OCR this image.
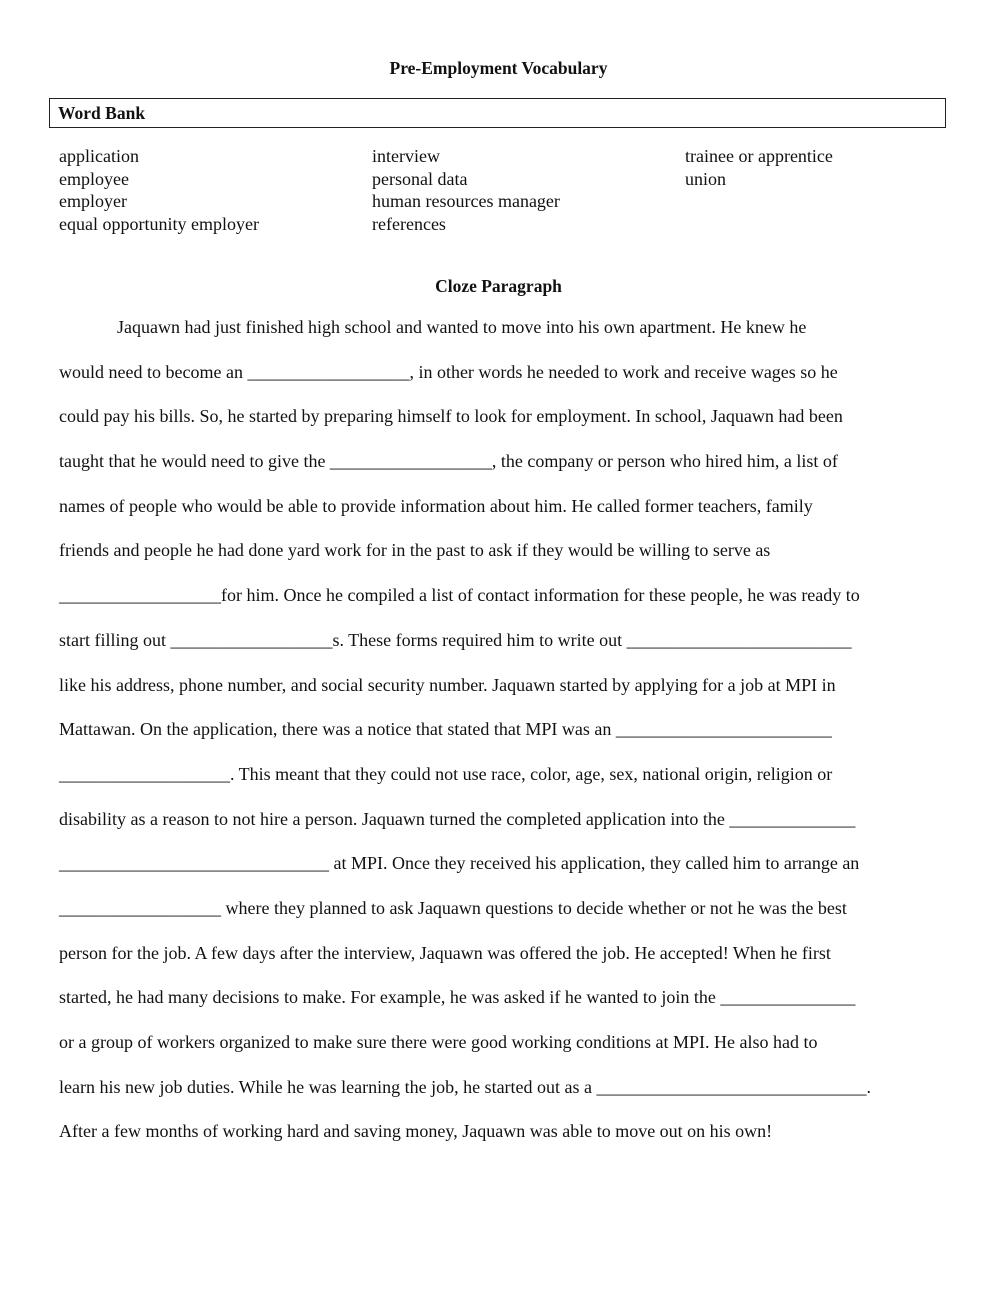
Pre-Employment Vocabulary
Word Bank
application
employee
employer
equal opportunity employer
interview
personal data
human resources manager
references
trainee or apprentice
union
Cloze Paragraph
Jaquawn had just finished high school and wanted to move into his own apartment. He knew he
would need to become an __________________, in other words he needed to work and receive wages so he
could pay his bills. So, he started by preparing himself to look for employment. In school, Jaquawn had been
taught that he would need to give the __________________, the company or person who hired him, a list of
names of people who would be able to provide information about him. He called former teachers, family
friends and people he had done yard work for in the past to ask if they would be willing to serve as
__________________for him. Once he compiled a list of contact information for these people, he was ready to
start filling out __________________s. These forms required him to write out _________________________
like his address, phone number, and social security number. Jaquawn started by applying for a job at MPI in
Mattawan. On the application, there was a notice that stated that MPI was an ________________________
___________________. This meant that they could not use race, color, age, sex, national origin, religion or
disability as a reason to not hire a person. Jaquawn turned the completed application into the ______________
______________________________ at MPI. Once they received his application, they called him to arrange an
__________________ where they planned to ask Jaquawn questions to decide whether or not he was the best
person for the job. A few days after the interview, Jaquawn was offered the job. He accepted! When he first
started, he had many decisions to make. For example, he was asked if he wanted to join the _______________
or a group of workers organized to make sure there were good working conditions at MPI. He also had to
learn his new job duties. While he was learning the job, he started out as a ______________________________.
After a few months of working hard and saving money, Jaquawn was able to move out on his own!
